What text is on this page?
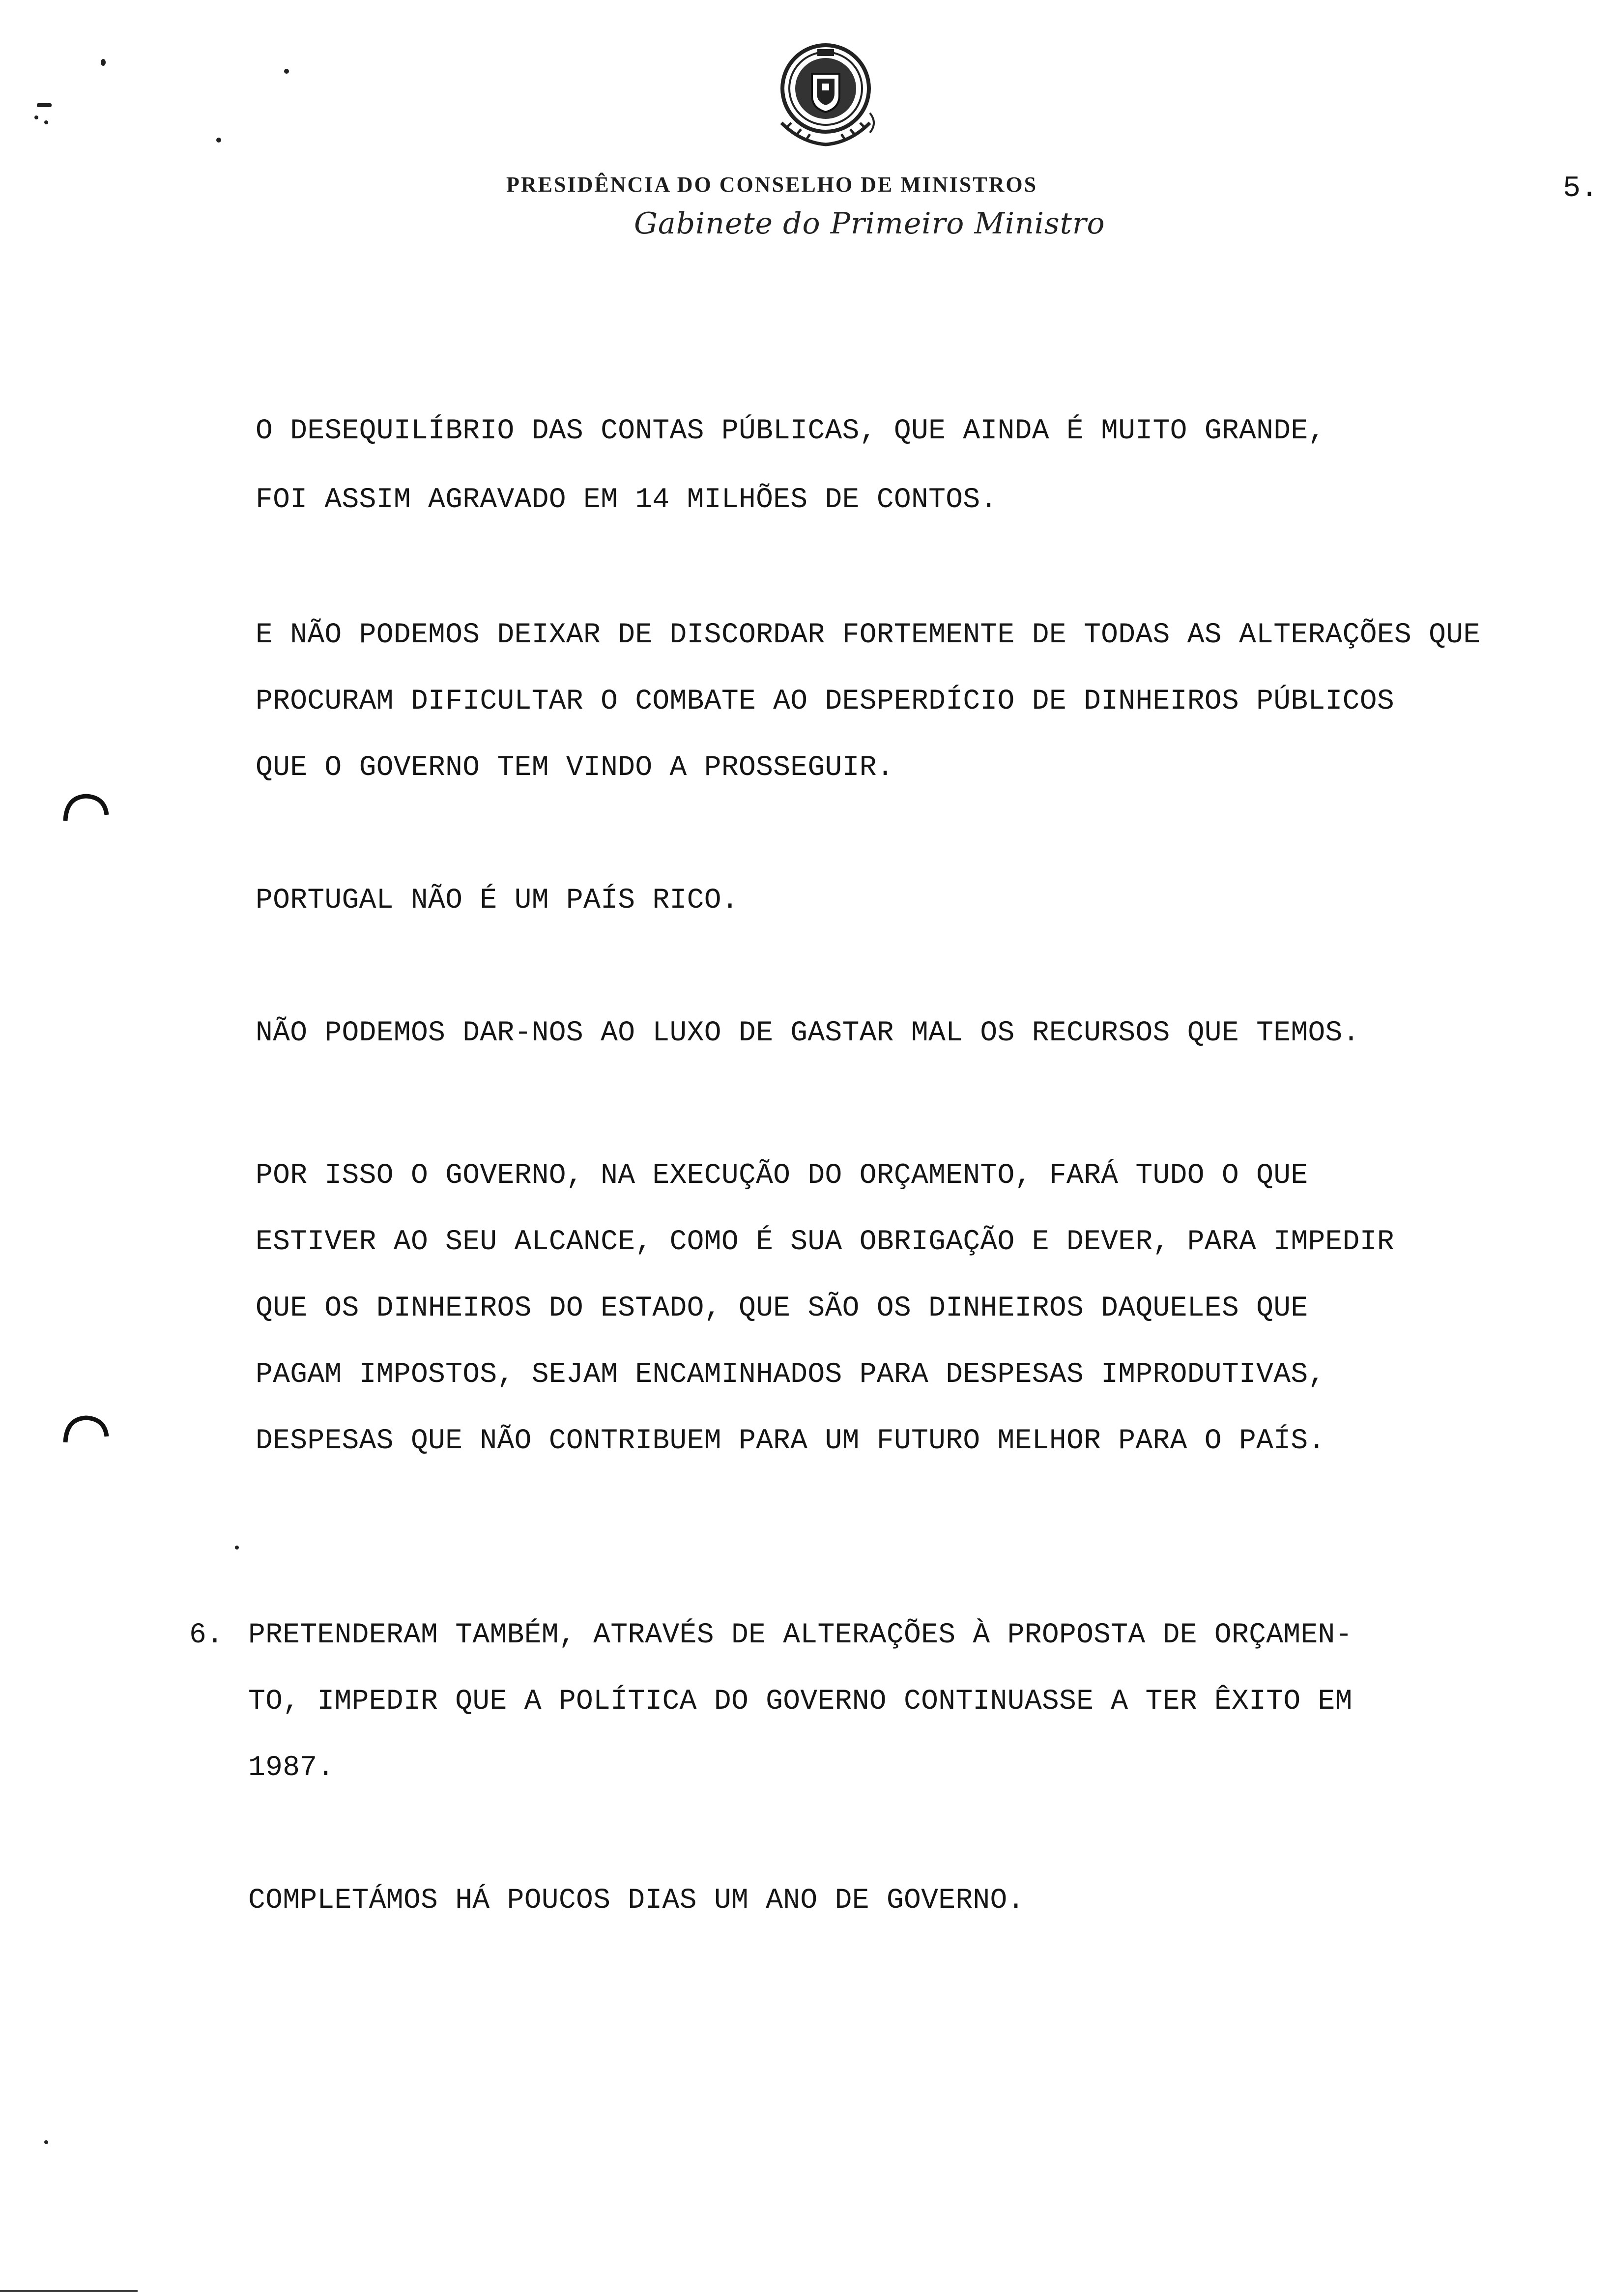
PRESIDÊNCIA DO CONSELHO DE MINISTROS
Gabinete do Primeiro Ministro
5.
O DESEQUILÍBRIO DAS CONTAS PÚBLICAS, QUE AINDA É MUITO GRANDE,
FOI ASSIM AGRAVADO EM 14 MILHÕES DE CONTOS.
E NÃO PODEMOS DEIXAR DE DISCORDAR FORTEMENTE DE TODAS AS ALTERAÇÕES QUE
PROCURAM DIFICULTAR O COMBATE AO DESPERDÍCIO DE DINHEIROS PÚBLICOS
QUE O GOVERNO TEM VINDO A PROSSEGUIR.
PORTUGAL NÃO É UM PAÍS RICO.
NÃO PODEMOS DAR-NOS AO LUXO DE GASTAR MAL OS RECURSOS QUE TEMOS.
POR ISSO O GOVERNO, NA EXECUÇÃO DO ORÇAMENTO, FARÁ TUDO O QUE
ESTIVER AO SEU ALCANCE, COMO É SUA OBRIGAÇÃO E DEVER, PARA IMPEDIR
QUE OS DINHEIROS DO ESTADO, QUE SÃO OS DINHEIROS DAQUELES QUE
PAGAM IMPOSTOS, SEJAM ENCAMINHADOS PARA DESPESAS IMPRODUTIVAS,
DESPESAS QUE NÃO CONTRIBUEM PARA UM FUTURO MELHOR PARA O PAÍS.
6. PRETENDERAM TAMBÉM, ATRAVÉS DE ALTERAÇÕES À PROPOSTA DE ORÇAMEN-
TO, IMPEDIR QUE A POLÍTICA DO GOVERNO CONTINUASSE A TER ÊXITO EM
1987.
COMPLETÁMOS HÁ POUCOS DIAS UM ANO DE GOVERNO.
